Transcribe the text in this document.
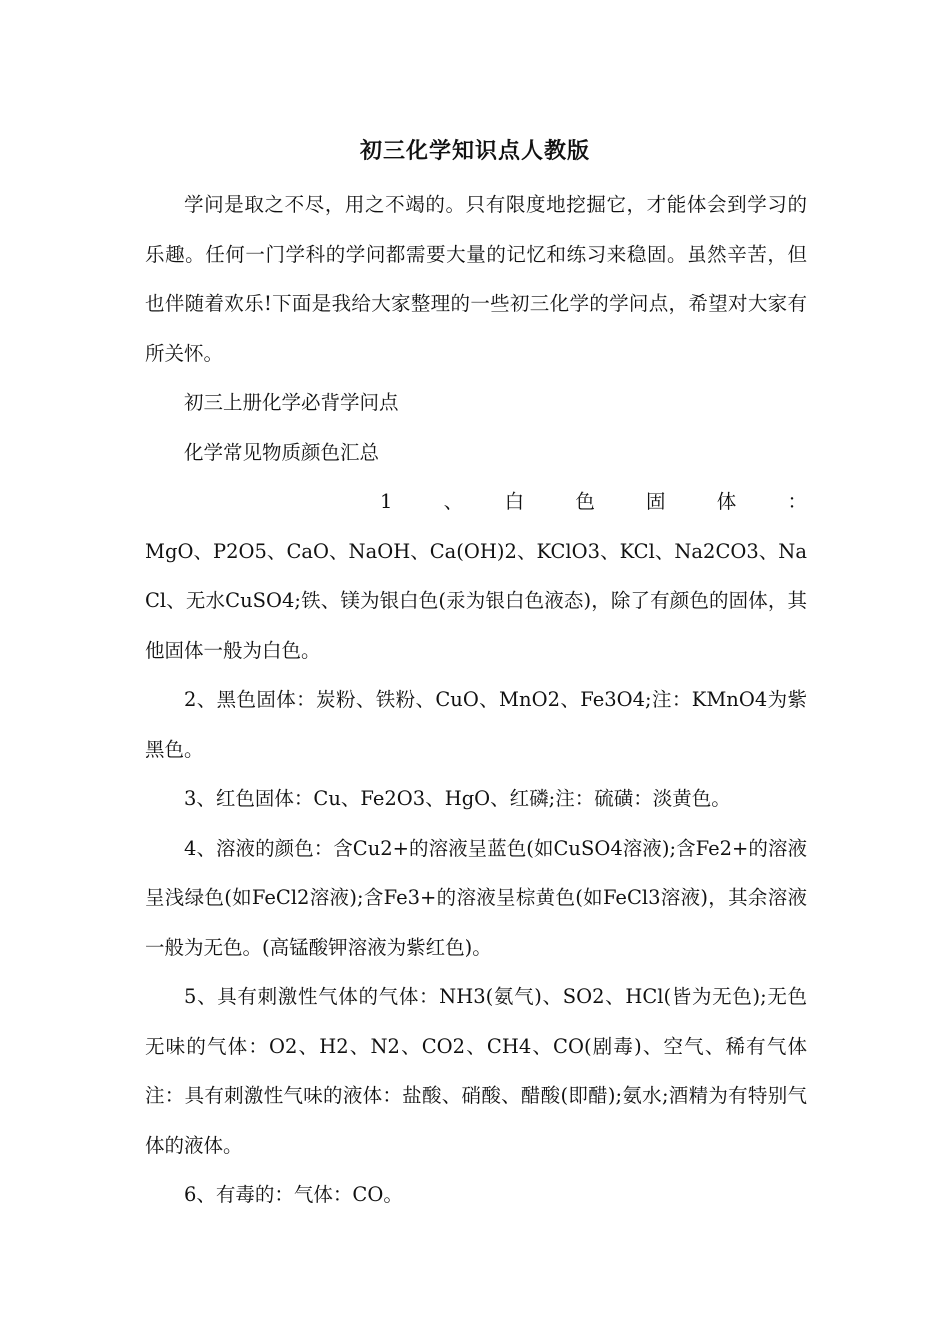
初三化学知识点人教版

学问是取之不尽，用之不竭的。只有限度地挖掘它，才能体会到学习的乐趣。任何一门学科的学问都需要大量的记忆和练习来稳固。虽然辛苦，但也伴随着欢乐!下面是我给大家整理的一些初三化学的学问点，希望对大家有所关怀。

初三上册化学必背学问点

化学常见物质颜色汇总

1　、　白　色　固　体　：

MgO、P2O5、CaO、NaOH、Ca(OH)2、KClO3、KCl、Na2CO3、NaCl、无水CuSO4;铁、镁为银白色(汞为银白色液态)，除了有颜色的固体，其他固体一般为白色。

2、黑色固体：炭粉、铁粉、CuO、MnO2、Fe3O4;注：KMnO4为紫黑色。

3、红色固体：Cu、Fe2O3、HgO、红磷;注：硫磺：淡黄色。

4、溶液的颜色：含Cu2+的溶液呈蓝色(如CuSO4溶液);含Fe2+的溶液呈浅绿色(如FeCl2溶液);含Fe3+的溶液呈棕黄色(如FeCl3溶液)，其余溶液一般为无色。(高锰酸钾溶液为紫红色)。

5、具有刺激性气体的气体：NH3(氨气)、SO2、HCl(皆为无色);无色无味的气体：O2、H2、N2、CO2、CH4、CO(剧毒)、空气、稀有气体注：具有刺激性气味的液体：盐酸、硝酸、醋酸(即醋);氨水;酒精为有特别气体的液体。

6、有毒的：气体：CO。
